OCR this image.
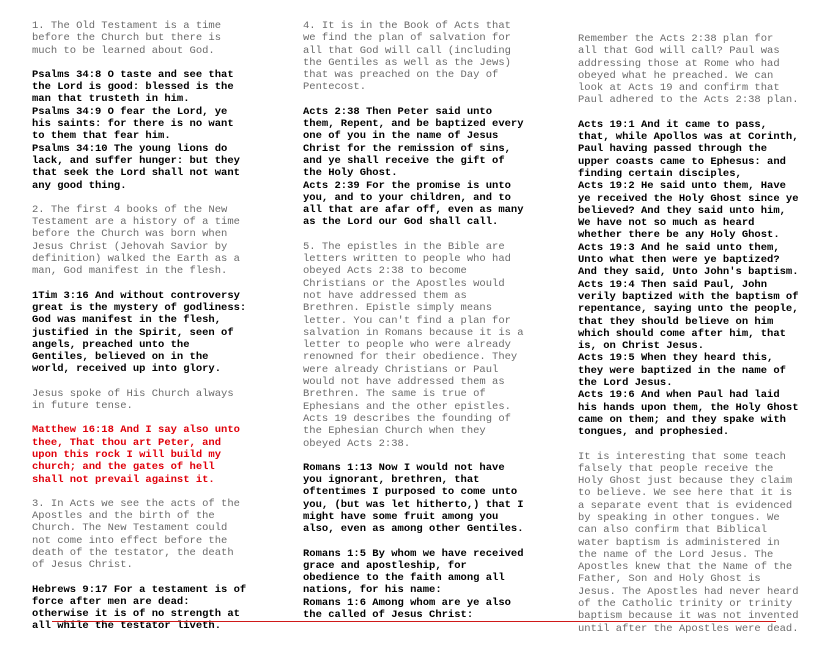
1. The Old Testament is a time
before the Church but there is
much to be learned about God.
Psalms 34:8 O taste and see that
the Lord is good: blessed is the
man that trusteth in him.
Psalms 34:9 O fear the Lord, ye
his saints: for there is no want
to them that fear him.
Psalms 34:10 The young lions do
lack, and suffer hunger: but they
that seek the Lord shall not want
any good thing.
2. The first 4 books of the New
Testament are a history of a time
before the Church was born when
Jesus Christ (Jehovah Savior by
definition) walked the Earth as a
man, God manifest in the flesh.
1Tim 3:16 And without controversy
great is the mystery of godliness:
God was manifest in the flesh,
justified in the Spirit, seen of
angels, preached unto the
Gentiles, believed on in the
world, received up into glory.
Jesus spoke of His Church always
in future tense.
Matthew 16:18 And I say also unto
thee, That thou art Peter, and
upon this rock I will build my
church; and the gates of hell
shall not prevail against it.
3. In Acts we see the acts of the
Apostles and the birth of the
Church. The New Testament could
not come into effect before the
death of the testator, the death
of Jesus Christ.
Hebrews 9:17 For a testament is of
force after men are dead:
otherwise it is of no strength at
all while the testator liveth.
4. It is in the Book of Acts that
we find the plan of salvation for
all that God will call (including
the Gentiles as well as the Jews)
that was preached on the Day of
Pentecost.
Acts 2:38 Then Peter said unto
them, Repent, and be baptized every
one of you in the name of Jesus
Christ for the remission of sins,
and ye shall receive the gift of
the Holy Ghost.
Acts 2:39 For the promise is unto
you, and to your children, and to
all that are afar off, even as many
as the Lord our God shall call.
5. The epistles in the Bible are
letters written to people who had
obeyed Acts 2:38 to become
Christians or the Apostles would
not have addressed them as
Brethren. Epistle simply means
letter. You can't find a plan for
salvation in Romans because it is a
letter to people who were already
renowned for their obedience. They
were already Christians or Paul
would not have addressed them as
Brethren. The same is true of
Ephesians and the other epistles.
Acts 19 describes the founding of
the Ephesian Church when they
obeyed Acts 2:38.
Romans 1:13 Now I would not have
you ignorant, brethren, that
oftentimes I purposed to come unto
you, (but was let hitherto,) that I
might have some fruit among you
also, even as among other Gentiles.
Romans 1:5 By whom we have received
grace and apostleship, for
obedience to the faith among all
nations, for his name:
Romans 1:6 Among whom are ye also
the called of Jesus Christ:
Remember the Acts 2:38 plan for
all that God will call? Paul was
addressing those at Rome who had
obeyed what he preached. We can
look at Acts 19 and confirm that
Paul adhered to the Acts 2:38 plan.
Acts 19:1 And it came to pass,
that, while Apollos was at Corinth,
Paul having passed through the
upper coasts came to Ephesus: and
finding certain disciples,
Acts 19:2 He said unto them, Have
ye received the Holy Ghost since ye
believed? And they said unto him,
We have not so much as heard
whether there be any Holy Ghost.
Acts 19:3 And he said unto them,
Unto what then were ye baptized?
And they said, Unto John's baptism.
Acts 19:4 Then said Paul, John
verily baptized with the baptism of
repentance, saying unto the people,
that they should believe on him
which should come after him, that
is, on Christ Jesus.
Acts 19:5 When they heard this,
they were baptized in the name of
the Lord Jesus.
Acts 19:6 And when Paul had laid
his hands upon them, the Holy Ghost
came on them; and they spake with
tongues, and prophesied.
It is interesting that some teach
falsely that people receive the
Holy Ghost just because they claim
to believe. We see here that it is
a separate event that is evidenced
by speaking in other tongues. We
can also confirm that Biblical
water baptism is administered in
the name of the Lord Jesus. The
Apostles knew that the Name of the
Father, Son and Holy Ghost is
Jesus. The Apostles had never heard
of the Catholic trinity or trinity
baptism because it was not invented
until after the Apostles were dead.
